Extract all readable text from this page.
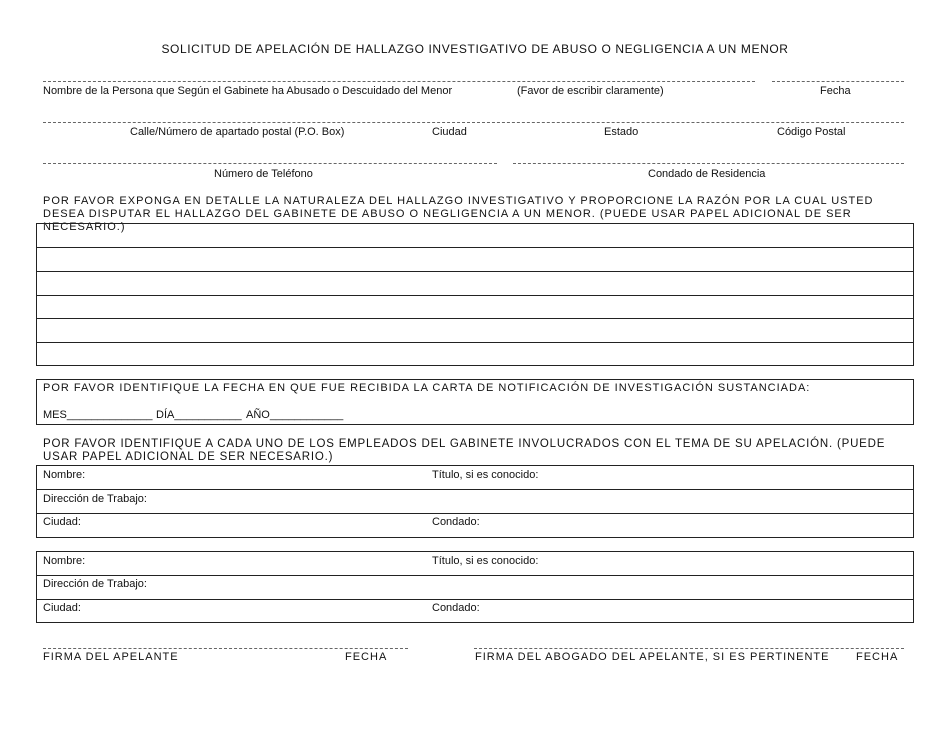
SOLICITUD DE APELACIÓN DE HALLAZGO INVESTIGATIVO DE ABUSO O NEGLIGENCIA A UN MENOR
Nombre de la Persona que Según el Gabinete ha Abusado o Descuidado del Menor	(Favor de escribir claramente)	Fecha
Calle/Número de apartado postal (P.O. Box)	Ciudad	Estado	Código Postal
Número de Teléfono	Condado de Residencia
POR FAVOR EXPONGA EN DETALLE LA NATURALEZA DEL HALLAZGO INVESTIGATIVO Y PROPORCIONE LA RAZÓN POR LA CUAL USTED DESEA DISPUTAR EL HALLAZGO DEL GABINETE DE ABUSO O NEGLIGENCIA A UN MENOR. (PUEDE USAR PAPEL ADICIONAL DE SER NECESARIO.)
POR FAVOR IDENTIFIQUE LA FECHA EN QUE FUE RECIBIDA LA CARTA DE NOTIFICACIÓN DE INVESTIGACIÓN SUSTANCIADA:
MES______________ DÍA___________ AÑO____________
POR FAVOR IDENTIFIQUE A CADA UNO DE LOS EMPLEADOS DEL GABINETE INVOLUCRADOS CON EL TEMA DE SU APELACIÓN. (PUEDE USAR PAPEL ADICIONAL DE SER NECESARIO.)
Nombre:	Título, si es conocido:
Dirección de Trabajo:
Ciudad:	Condado:
Nombre:	Título, si es conocido:
Dirección de Trabajo:
Ciudad:	Condado:
FIRMA DEL APELANTE	FECHA	FIRMA DEL ABOGADO DEL APELANTE, SI ES PERTINENTE FECHA
